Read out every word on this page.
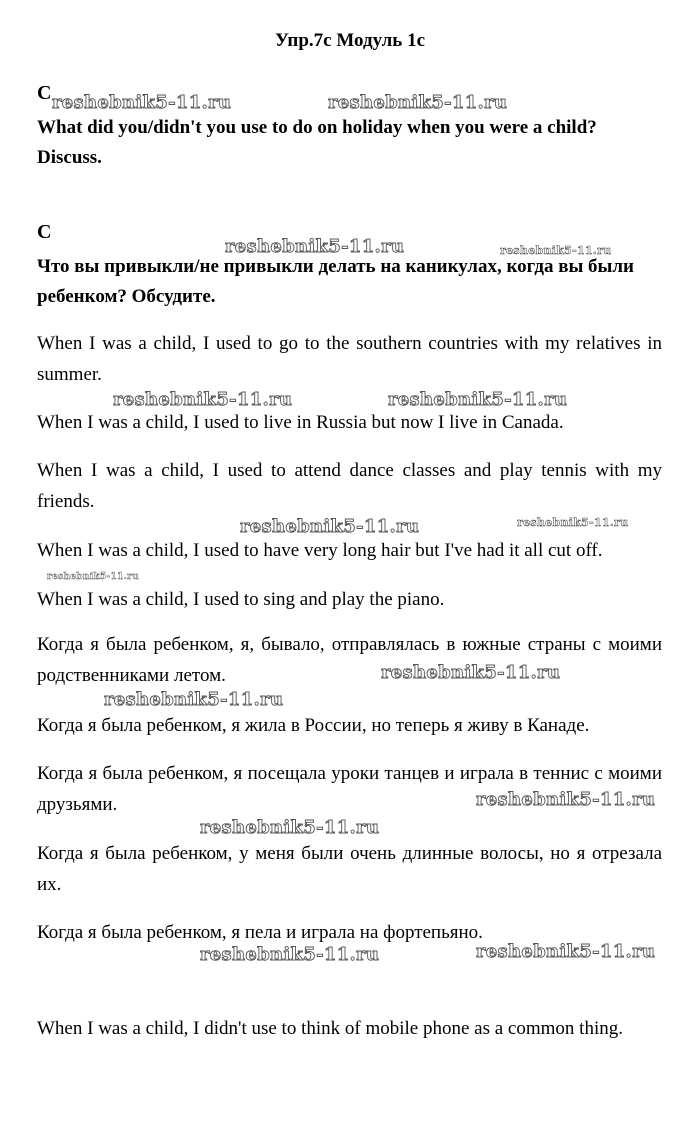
Упр.7с Модуль 1с
C
What did you/didn't you use to do on holiday when you were a child? Discuss.
C
Что вы привыкли/не привыкли делать на каникулах, когда вы были ребенком? Обсудите.
When I was a child, I used to go to the southern countries with my relatives in summer.
When I was a child, I used to live in Russia but now I live in Canada.
When I was a child, I used to attend dance classes and play tennis with my friends.
When I was a child, I used to have very long hair but I've had it all cut off.
When I was a child, I used to sing and play the piano.
Когда я была ребенком, я, бывало, отправлялась в южные страны с моими родственниками летом.
Когда я была ребенком, я жила в России, но теперь я живу в Канаде.
Когда я была ребенком, я посещала уроки танцев и играла в теннис с моими друзьями.
Когда я была ребенком, у меня были очень длинные волосы, но я отрезала их.
Когда я была ребенком, я пела и играла на фортепьяно.
When I was a child, I didn't use to think of mobile phone as a common thing.
reshebnik5-11.ru	reshebnik5-11.ru
reshebnik5-11.ru	reshebnik5-11.ru
reshebnik5-11.ru	reshebnik5-11.ru
reshebnik5-11.ru	reshebnik5-11.ru
reshebnik5-11.ru
reshebnik5-11.ru
reshebnik5-11.ru
reshebnik5-11.ru
reshebnik5-11.ru
reshebnik5-11.ru	reshebnik5-11.ru
